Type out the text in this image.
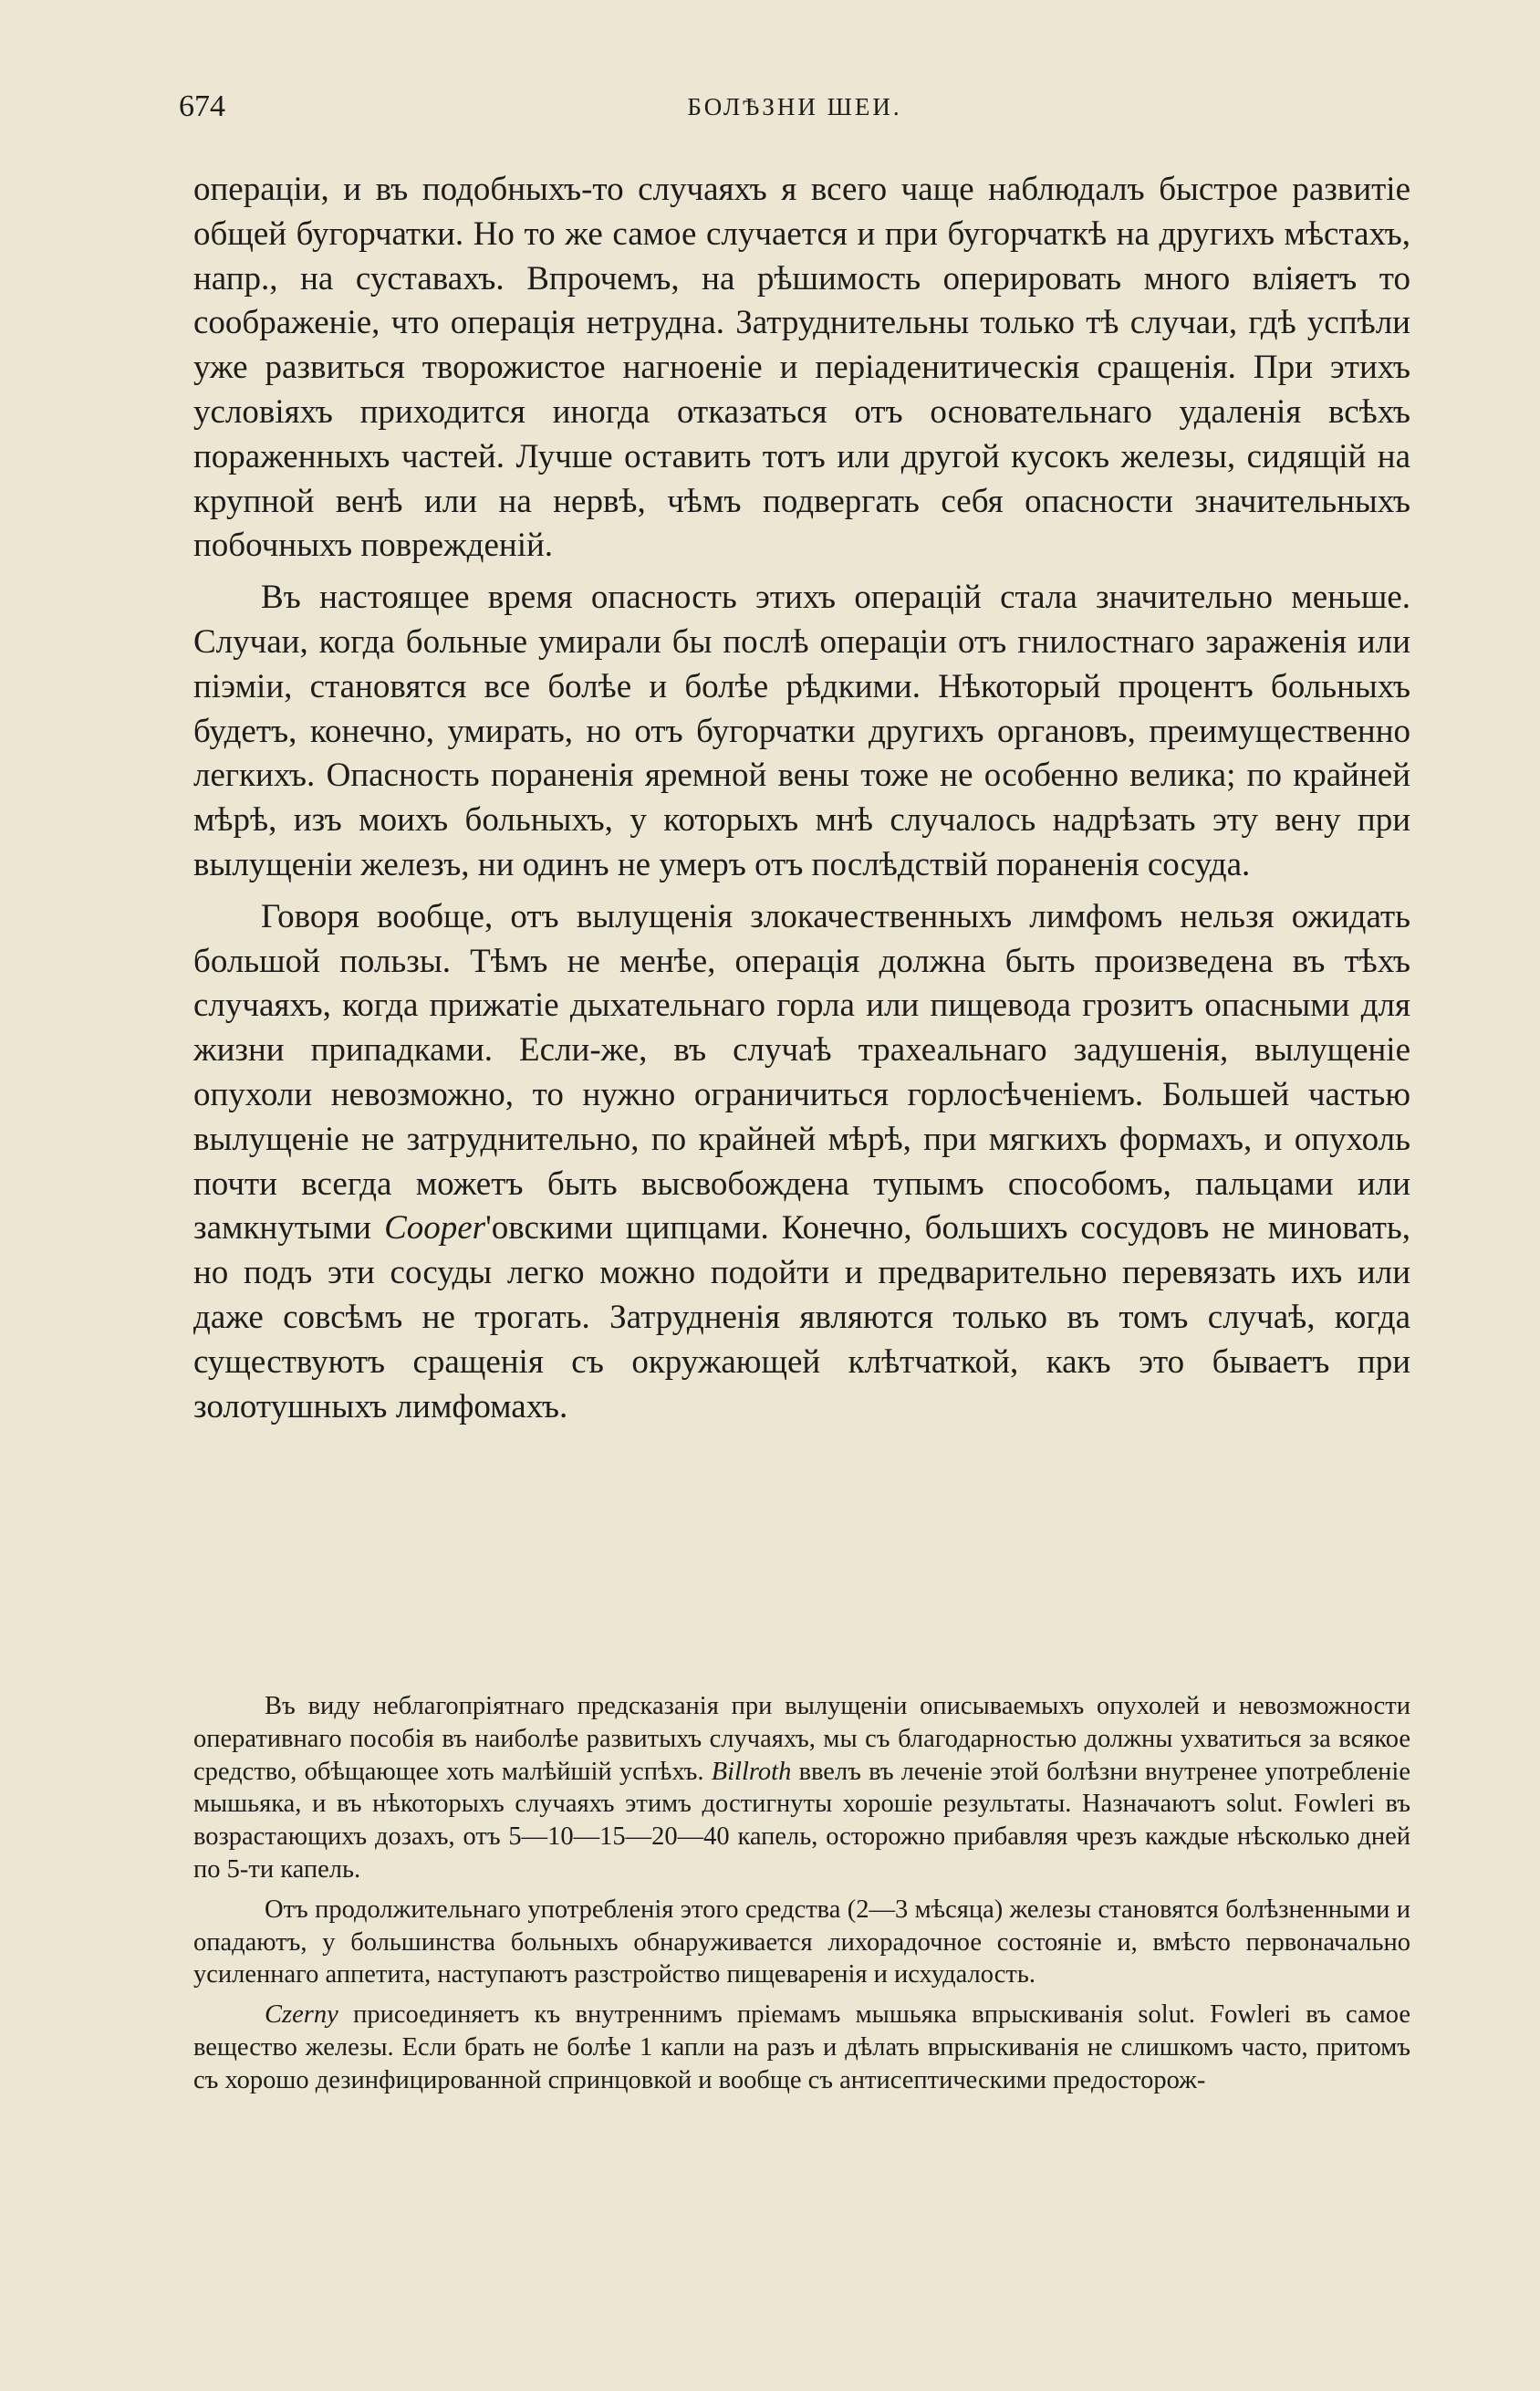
674	БОЛѢЗНИ ШЕИ.

операціи, и въ подобныхъ-то случаяхъ я всего чаще наблюдалъ быстрое развитіе общей бугорчатки. Но то же самое случается и при бугорчаткѣ на другихъ мѣстахъ, напр., на суставахъ. Впрочемъ, на рѣшимость оперировать много вліяетъ то соображеніе, что операція нетрудна. Затруднительны только тѣ случаи, гдѣ успѣли уже развиться творожистое нагноеніе и періаденитическія сращенія. При этихъ условіяхъ приходится иногда отказаться отъ основательнаго удаленія всѣхъ пораженныхъ частей. Лучше оставить тотъ или другой кусокъ железы, сидящій на крупной венѣ или на нервѣ, чѣмъ подвергать себя опасности значительныхъ побочныхъ поврежденій.

Въ настоящее время опасность этихъ операцій стала значительно меньше. Случаи, когда больные умирали бы послѣ операціи отъ гнилостнаго зараженія или піэміи, становятся все болѣе и болѣе рѣдкими. Нѣкоторый процентъ больныхъ будетъ, конечно, умирать, но отъ бугорчатки другихъ органовъ, преимущественно легкихъ. Опасность пораненія яремной вены тоже не особенно велика; по крайней мѣрѣ, изъ моихъ больныхъ, у которыхъ мнѣ случалось надрѣзать эту вену при вылущеніи железъ, ни одинъ не умеръ отъ послѣдствій пораненія сосуда.

Говоря вообще, отъ вылущенія злокачественныхъ лимфомъ нельзя ожидать большой пользы. Тѣмъ не менѣе, операція должна быть произведена въ тѣхъ случаяхъ, когда прижатіе дыхательнаго горла или пищевода грозитъ опасными для жизни припадками. Если-же, въ случаѣ трахеальнаго задушенія, вылущеніе опухоли невозможно, то нужно ограничиться горлосѣченіемъ. Большей частью вылущеніе не затруднительно, по крайней мѣрѣ, при мягкихъ формахъ, и опухоль почти всегда можетъ быть высвобождена тупымъ способомъ, пальцами или замкнутыми Cooper'овскими щипцами. Конечно, большихъ сосудовъ не миновать, но подъ эти сосуды легко можно подойти и предварительно перевязать ихъ или даже совсѣмъ не трогать. Затрудненія являются только въ томъ случаѣ, когда существуютъ сращенія съ окружающей клѣтчаткой, какъ это бываетъ при золотушныхъ лимфомахъ.

Въ виду неблагопріятнаго предсказанія при вылущеніи описываемыхъ опухолей и невозможности оперативнаго пособія въ наиболѣе развитыхъ случаяхъ, мы съ благодарностью должны ухватиться за всякое средство, обѣщающее хоть малѣйшій успѣхъ. Billroth ввелъ въ леченіе этой болѣзни внутренее употребленіе мышьяка, и въ нѣкоторыхъ случаяхъ этимъ достигнуты хорошіе результаты. Назначаютъ solut. Fowleri въ возрастающихъ дозахъ, отъ 5—10—15—20—40 капель, осторожно прибавляя чрезъ каждые нѣсколько дней по 5-ти капель.

Отъ продолжительнаго употребленія этого средства (2—3 мѣсяца) железы становятся болѣзненными и опадаютъ, у большинства больныхъ обнаруживается лихорадочное состояніе и, вмѣсто первоначально усиленнаго аппетита, наступаютъ разстройство пищеваренія и исхудалость.

Czerny присоединяетъ къ внутреннимъ пріемамъ мышьяка впрыскиванія solut. Fowleri въ самое вещество железы. Если брать не болѣе 1 капли на разъ и дѣлать впрыскиванія не слишкомъ часто, притомъ съ хорошо дезинфицированной спринцовкой и вообще съ антисептическими предосторож-
